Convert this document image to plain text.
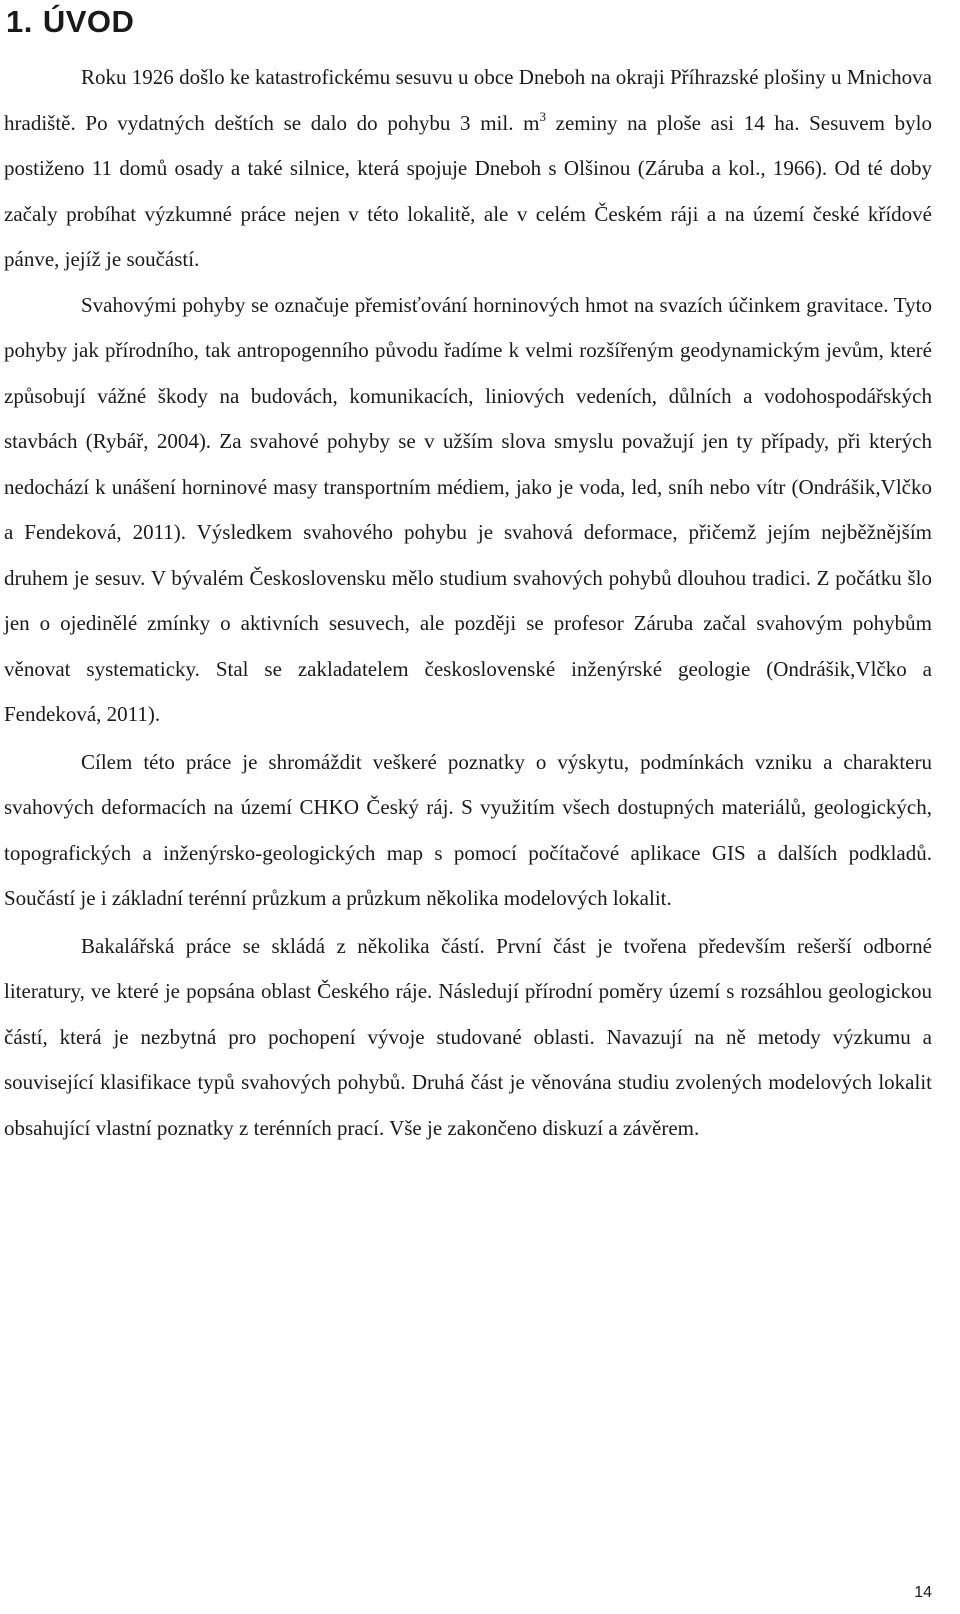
1. ÚVOD

Roku 1926 došlo ke katastrofickému sesuvu u obce Dneboh na okraji Příhrazské plošiny u Mnichova hradiště. Po vydatných deštích se dalo do pohybu 3 mil. $m^3$ zeminy na ploše asi 14 ha. Sesuvem bylo postiženo 11 domů osady a také silnice, která spojuje Dneboh s Olšinou (Záruba a kol., 1966). Od té doby začaly probíhat výzkumné práce nejen v této lokalitě, ale v celém Českém ráji a na území české křídové pánve, jejíž je součástí.

Svahovými pohyby se označuje přemisťování horninových hmot na svazích účinkem gravitace. Tyto pohyby jak přírodního, tak antropogenního původu řadíme k velmi rozšířeným geodynamickým jevům, které způsobují vážné škody na budovách, komunikacích, liniových vedeních, důlních a vodohospodářských stavbách (Rybář, 2004). Za svahové pohyby se v užším slova smyslu považují jen ty případy, při kterých nedochází k unášení horninové masy transportním médiem, jako je voda, led, sníh nebo vítr (Ondrášik,Vlčko a Fendeková, 2011). Výsledkem svahového pohybu je svahová deformace, přičemž jejím nejběžnějším druhem je sesuv. V bývalém Československu mělo studium svahových pohybů dlouhou tradici. Z počátku šlo jen o ojedinělé zmínky o aktivních sesuvech, ale později se profesor Záruba začal svahovým pohybům věnovat systematicky. Stal se zakladatelem československé inženýrské geologie (Ondrášik,Vlčko a Fendeková, 2011).

Cílem této práce je shromáždit veškeré poznatky o výskytu, podmínkách vzniku a charakteru svahových deformacích na území CHKO Český ráj. S využitím všech dostupných materiálů, geologických, topografických a inženýrsko-geologických map s pomocí počítačové aplikace GIS a dalších podkladů. Součástí je i základní terénní průzkum a průzkum několika modelových lokalit.

Bakalářská práce se skládá z několika částí. První část je tvořena především rešerší odborné literatury, ve které je popsána oblast Českého ráje. Následují přírodní poměry území s rozsáhlou geologickou částí, která je nezbytná pro pochopení vývoje studované oblasti. Navazují na ně metody výzkumu a související klasifikace typů svahových pohybů. Druhá část je věnována studiu zvolených modelových lokalit obsahující vlastní poznatky z terénních prací. Vše je zakončeno diskuzí a závěrem.

14
